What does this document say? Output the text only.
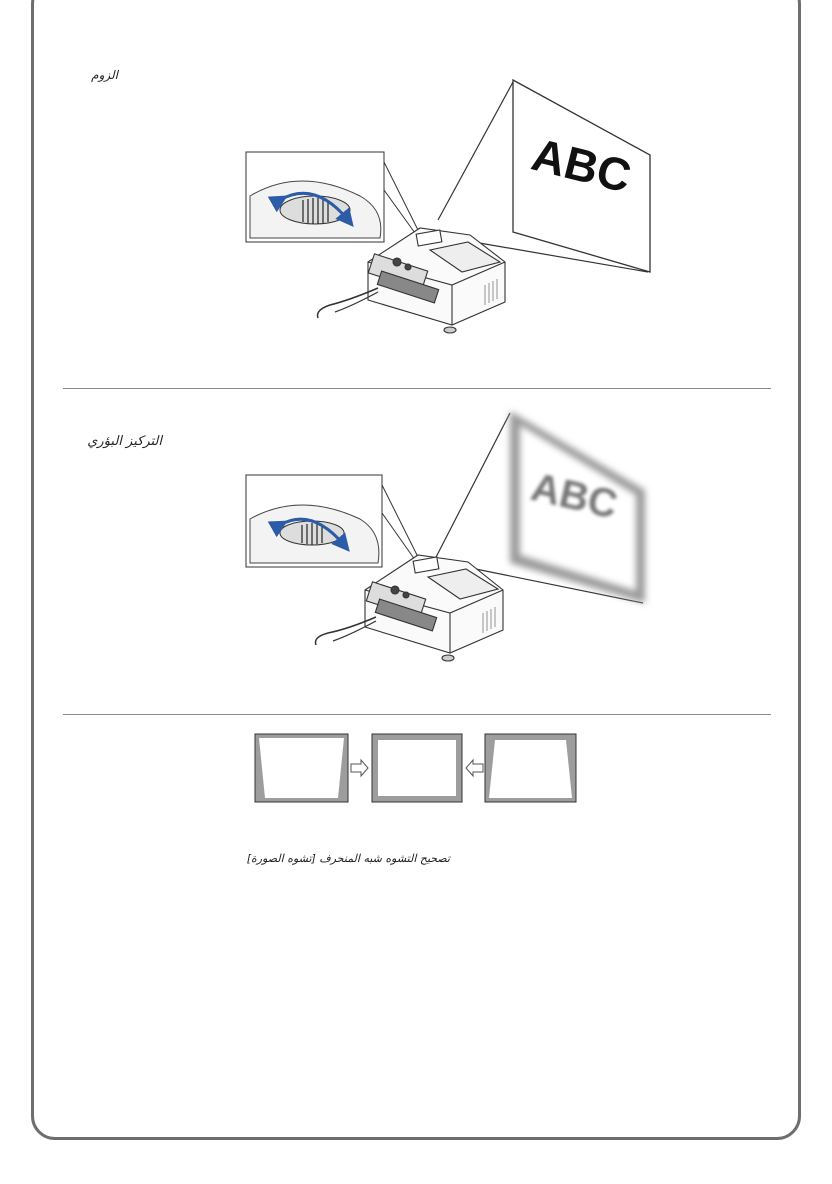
الزوم
ABC
التركيز البؤري
ABC
تصحيح التشوه شبه المنحرف [تشوه الصورة]
